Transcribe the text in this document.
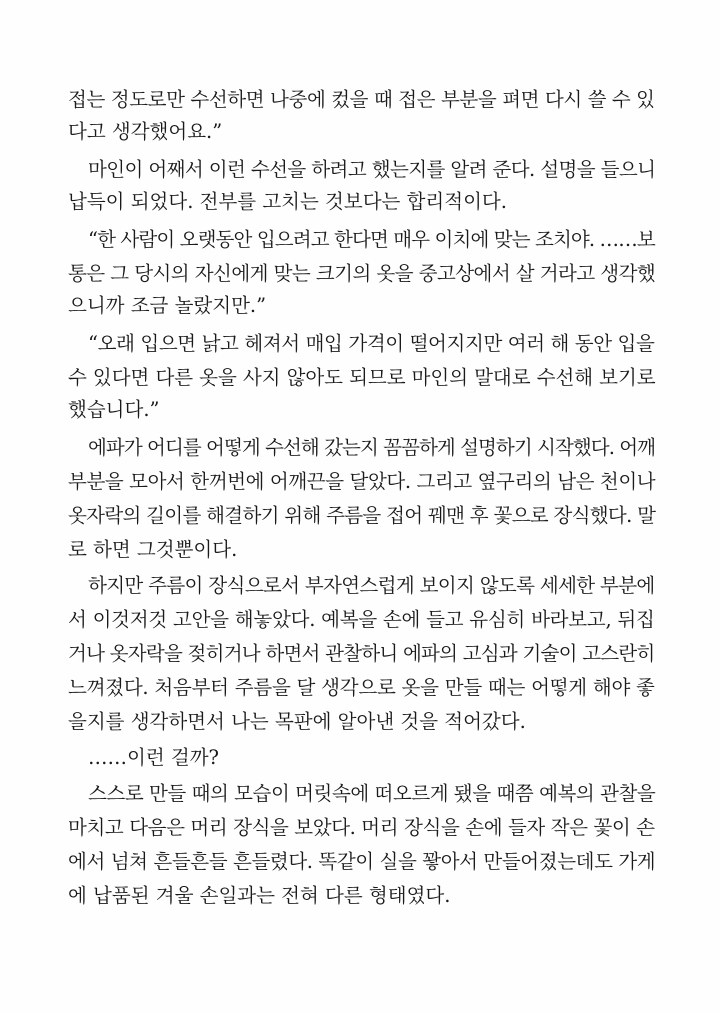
접는 정도로만 수선하면 나중에 컸을 때 접은 부분을 펴면 다시 쓸 수 있
다고 생각했어요.”
마인이 어째서 이런 수선을 하려고 했는지를 알려 준다. 설명을 들으니
납득이 되었다. 전부를 고치는 것보다는 합리적이다.
“한 사람이 오랫동안 입으려고 한다면 매우 이치에 맞는 조치야. ……보
통은 그 당시의 자신에게 맞는 크기의 옷을 중고상에서 살 거라고 생각했
으니까 조금 놀랐지만.”
“오래 입으면 낡고 헤져서 매입 가격이 떨어지지만 여러 해 동안 입을
수 있다면 다른 옷을 사지 않아도 되므로 마인의 말대로 수선해 보기로
했습니다.”
에파가 어디를 어떻게 수선해 갔는지 꼼꼼하게 설명하기 시작했다. 어깨
부분을 모아서 한꺼번에 어깨끈을 달았다. 그리고 옆구리의 남은 천이나
옷자락의 길이를 해결하기 위해 주름을 접어 꿰맨 후 꽃으로 장식했다. 말
로 하면 그것뿐이다.
하지만 주름이 장식으로서 부자연스럽게 보이지 않도록 세세한 부분에
서 이것저것 고안을 해놓았다. 예복을 손에 들고 유심히 바라보고, 뒤집
거나 옷자락을 젖히거나 하면서 관찰하니 에파의 고심과 기술이 고스란히
느껴졌다. 처음부터 주름을 달 생각으로 옷을 만들 때는 어떻게 해야 좋
을지를 생각하면서 나는 목판에 알아낸 것을 적어갔다.
……이런 걸까?
스스로 만들 때의 모습이 머릿속에 떠오르게 됐을 때쯤 예복의 관찰을
마치고 다음은 머리 장식을 보았다. 머리 장식을 손에 들자 작은 꽃이 손
에서 넘쳐 흔들흔들 흔들렸다. 똑같이 실을 꽣아서 만들어졌는데도 가게
에 납품된 겨울 손일과는 전혀 다른 형태였다.
